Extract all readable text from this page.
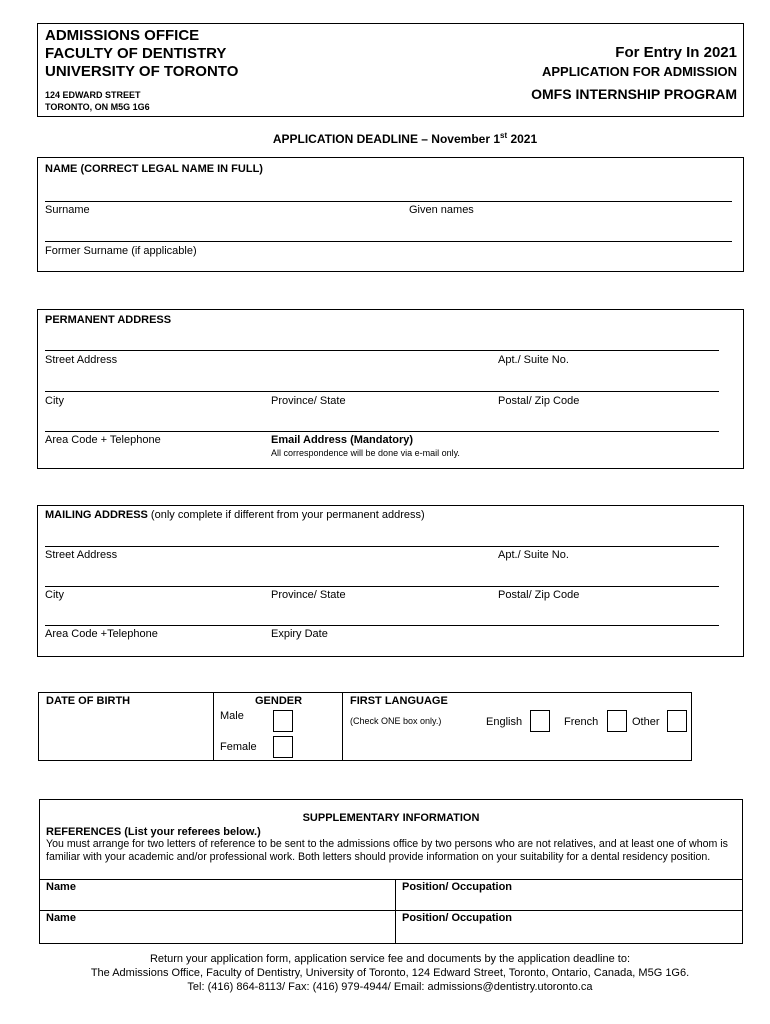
ADMISSIONS OFFICE
FACULTY OF DENTISTRY
UNIVERSITY OF TORONTO
124 EDWARD STREET
TORONTO, ON M5G 1G6
For Entry In 2021
APPLICATION FOR ADMISSION
OMFS INTERNSHIP PROGRAM
APPLICATION DEADLINE – November 1st 2021
NAME (CORRECT LEGAL NAME IN FULL)
Surname	Given names
Former Surname (if applicable)
PERMANENT ADDRESS
Street Address	Apt./ Suite No.
City	Province/ State	Postal/ Zip Code
Area Code + Telephone	Email Address (Mandatory)
All correspondence will be done via e-mail only.
MAILING ADDRESS (only complete if different from your permanent address)
Street Address	Apt./ Suite No.
City	Province/ State	Postal/ Zip Code
Area Code +Telephone	Expiry Date
DATE OF BIRTH	GENDER
Male
Female
FIRST LANGUAGE
(Check ONE box only.)	English	French	Other
SUPPLEMENTARY INFORMATION
REFERENCES (List your referees below.)
You must arrange for two letters of reference to be sent to the admissions office by two persons who are not relatives, and at least one of whom is familiar with your academic and/or professional work. Both letters should provide information on your suitability for a dental residency position.
Name	Position/ Occupation
Name	Position/ Occupation
Return your application form, application service fee and documents by the application deadline to:
The Admissions Office, Faculty of Dentistry, University of Toronto, 124 Edward Street, Toronto, Ontario, Canada, M5G 1G6.
Tel: (416) 864-8113/ Fax: (416) 979-4944/ Email: admissions@dentistry.utoronto.ca
